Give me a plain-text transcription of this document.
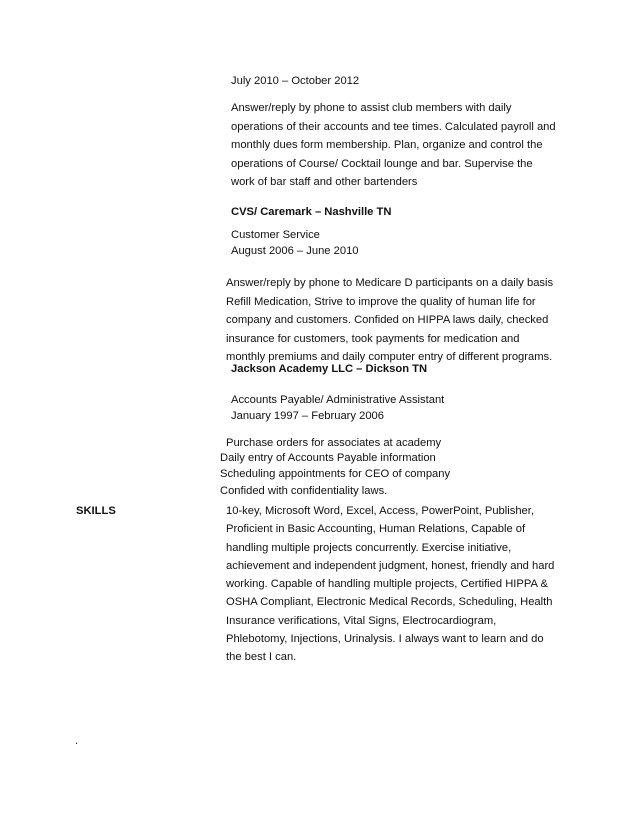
July 2010 – October 2012
Answer/reply by phone to assist club members with daily
operations of their accounts and tee times. Calculated payroll and
monthly dues form membership. Plan, organize and control the
operations of Course/ Cocktail lounge and bar. Supervise the
work of bar staff and other bartenders
CVS/ Caremark – Nashville TN
Customer Service
August 2006 – June 2010
Answer/reply by phone to Medicare D participants on a daily basis
Refill Medication, Strive to improve the quality of human life for
company and customers. Confided on HIPPA laws daily, checked
insurance for customers, took payments for medication and
monthly premiums and daily computer entry of different programs.
Jackson Academy LLC – Dickson TN
Accounts Payable/ Administrative Assistant
January 1997 – February 2006
Purchase orders for associates at academy
Daily entry of Accounts Payable information
Scheduling appointments for CEO of company
Confided with confidentiality laws.
SKILLS	10-key, Microsoft Word, Excel, Access, PowerPoint, Publisher,
Proficient in Basic Accounting, Human Relations, Capable of
handling multiple projects concurrently. Exercise initiative,
achievement and independent judgment, honest, friendly and hard
working. Capable of handling multiple projects, Certified HIPPA &
OSHA Compliant, Electronic Medical Records, Scheduling, Health
Insurance verifications, Vital Signs, Electrocardiogram,
Phlebotomy, Injections, Urinalysis. I always want to learn and do
the best I can.
.
